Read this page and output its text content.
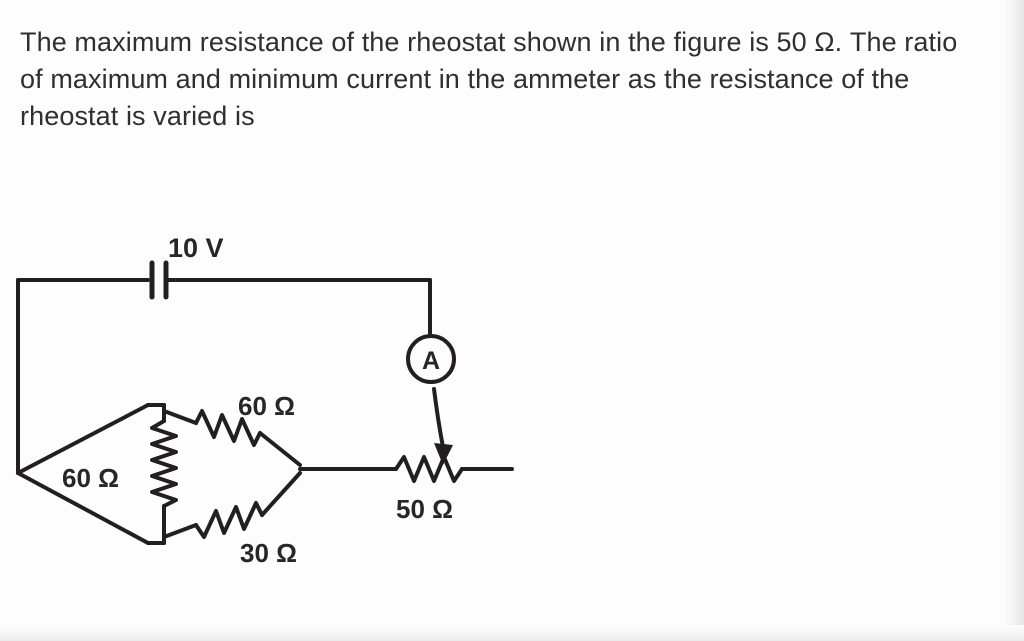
The maximum resistance of the rheostat shown in the figure is 50 Ω. The ratio of maximum and minimum current in the ammeter as the resistance of the rheostat is varied is
A
10 V
60 Ω
60 Ω
30 Ω
50 Ω
